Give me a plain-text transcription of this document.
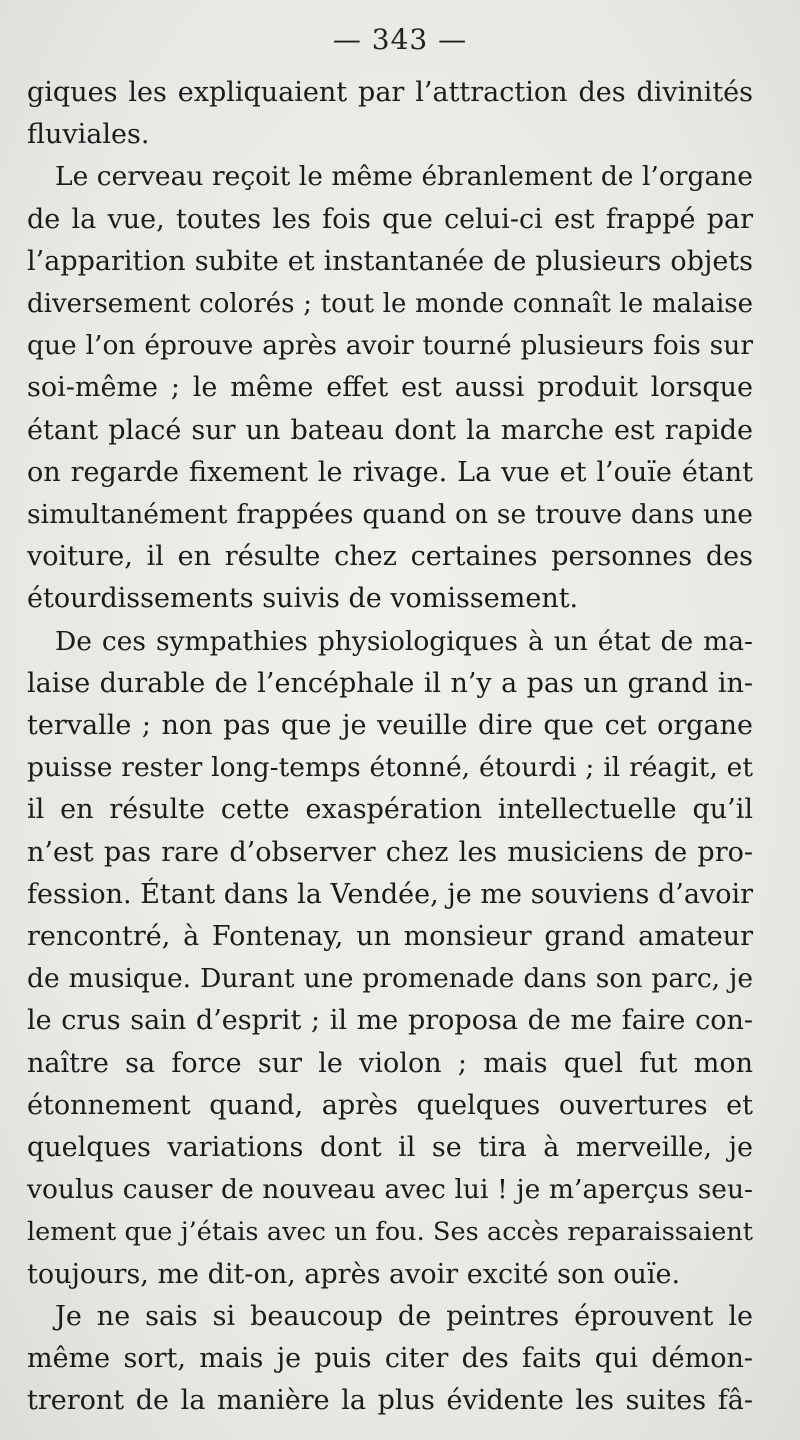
— 343 —
giques les expliquaient par l’attraction des divinités
fluviales.
Le cerveau reçoit le même ébranlement de l’organe
de la vue, toutes les fois que celui-ci est frappé par
l’apparition subite et instantanée de plusieurs objets
diversement colorés ; tout le monde connaît le malaise
que l’on éprouve après avoir tourné plusieurs fois sur
soi-même ; le même effet est aussi produit lorsque
étant placé sur un bateau dont la marche est rapide
on regarde fixement le rivage. La vue et l’ouïe étant
simultanément frappées quand on se trouve dans une
voiture, il en résulte chez certaines personnes des
étourdissements suivis de vomissement.
De ces sympathies physiologiques à un état de ma-
laise durable de l’encéphale il n’y a pas un grand in-
tervalle ; non pas que je veuille dire que cet organe
puisse rester long-temps étonné, étourdi ; il réagit, et
il en résulte cette exaspération intellectuelle qu’il
n’est pas rare d’observer chez les musiciens de pro-
fession. Étant dans la Vendée, je me souviens d’avoir
rencontré, à Fontenay, un monsieur grand amateur
de musique. Durant une promenade dans son parc, je
le crus sain d’esprit ; il me proposa de me faire con-
naître sa force sur le violon ; mais quel fut mon
étonnement quand, après quelques ouvertures et
quelques variations dont il se tira à merveille, je
voulus causer de nouveau avec lui ! je m’aperçus seu-
lement que j’étais avec un fou. Ses accès reparaissaient
toujours, me dit-on, après avoir excité son ouïe.
Je ne sais si beaucoup de peintres éprouvent le
même sort, mais je puis citer des faits qui démon-
treront de la manière la plus évidente les suites fâ-
